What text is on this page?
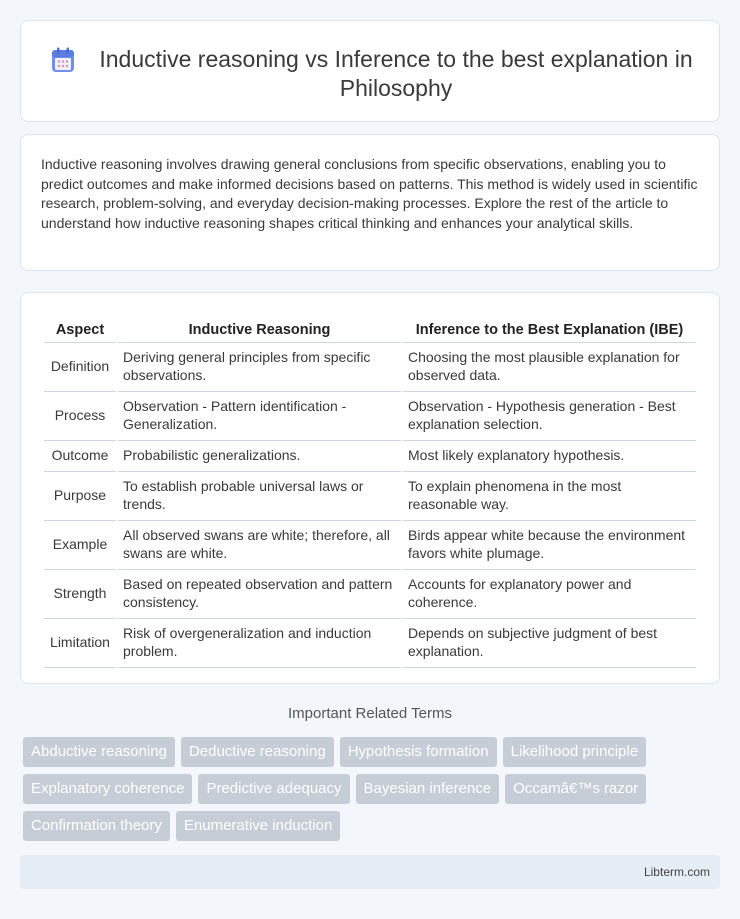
Inductive reasoning vs Inference to the best explanation in Philosophy

Inductive reasoning involves drawing general conclusions from specific observations, enabling you to predict outcomes and make informed decisions based on patterns. This method is widely used in scientific research, problem-solving, and everyday decision-making processes. Explore the rest of the article to understand how inductive reasoning shapes critical thinking and enhances your analytical skills.

Aspect	Inductive Reasoning	Inference to the Best Explanation (IBE)
Definition	Deriving general principles from specific observations.	Choosing the most plausible explanation for observed data.
Process	Observation - Pattern identification - Generalization.	Observation - Hypothesis generation - Best explanation selection.
Outcome	Probabilistic generalizations.	Most likely explanatory hypothesis.
Purpose	To establish probable universal laws or trends.	To explain phenomena in the most reasonable way.
Example	All observed swans are white; therefore, all swans are white.	Birds appear white because the environment favors white plumage.
Strength	Based on repeated observation and pattern consistency.	Accounts for explanatory power and coherence.
Limitation	Risk of overgeneralization and induction problem.	Depends on subjective judgment of best explanation.
Important Related Terms
Abductive reasoning	Deductive reasoning	Hypothesis formation	Likelihood principle
Explanatory coherence	Predictive adequacy	Bayesian inference	Occamâ€™s razor
Confirmation theory	Enumerative induction
Libterm.com
